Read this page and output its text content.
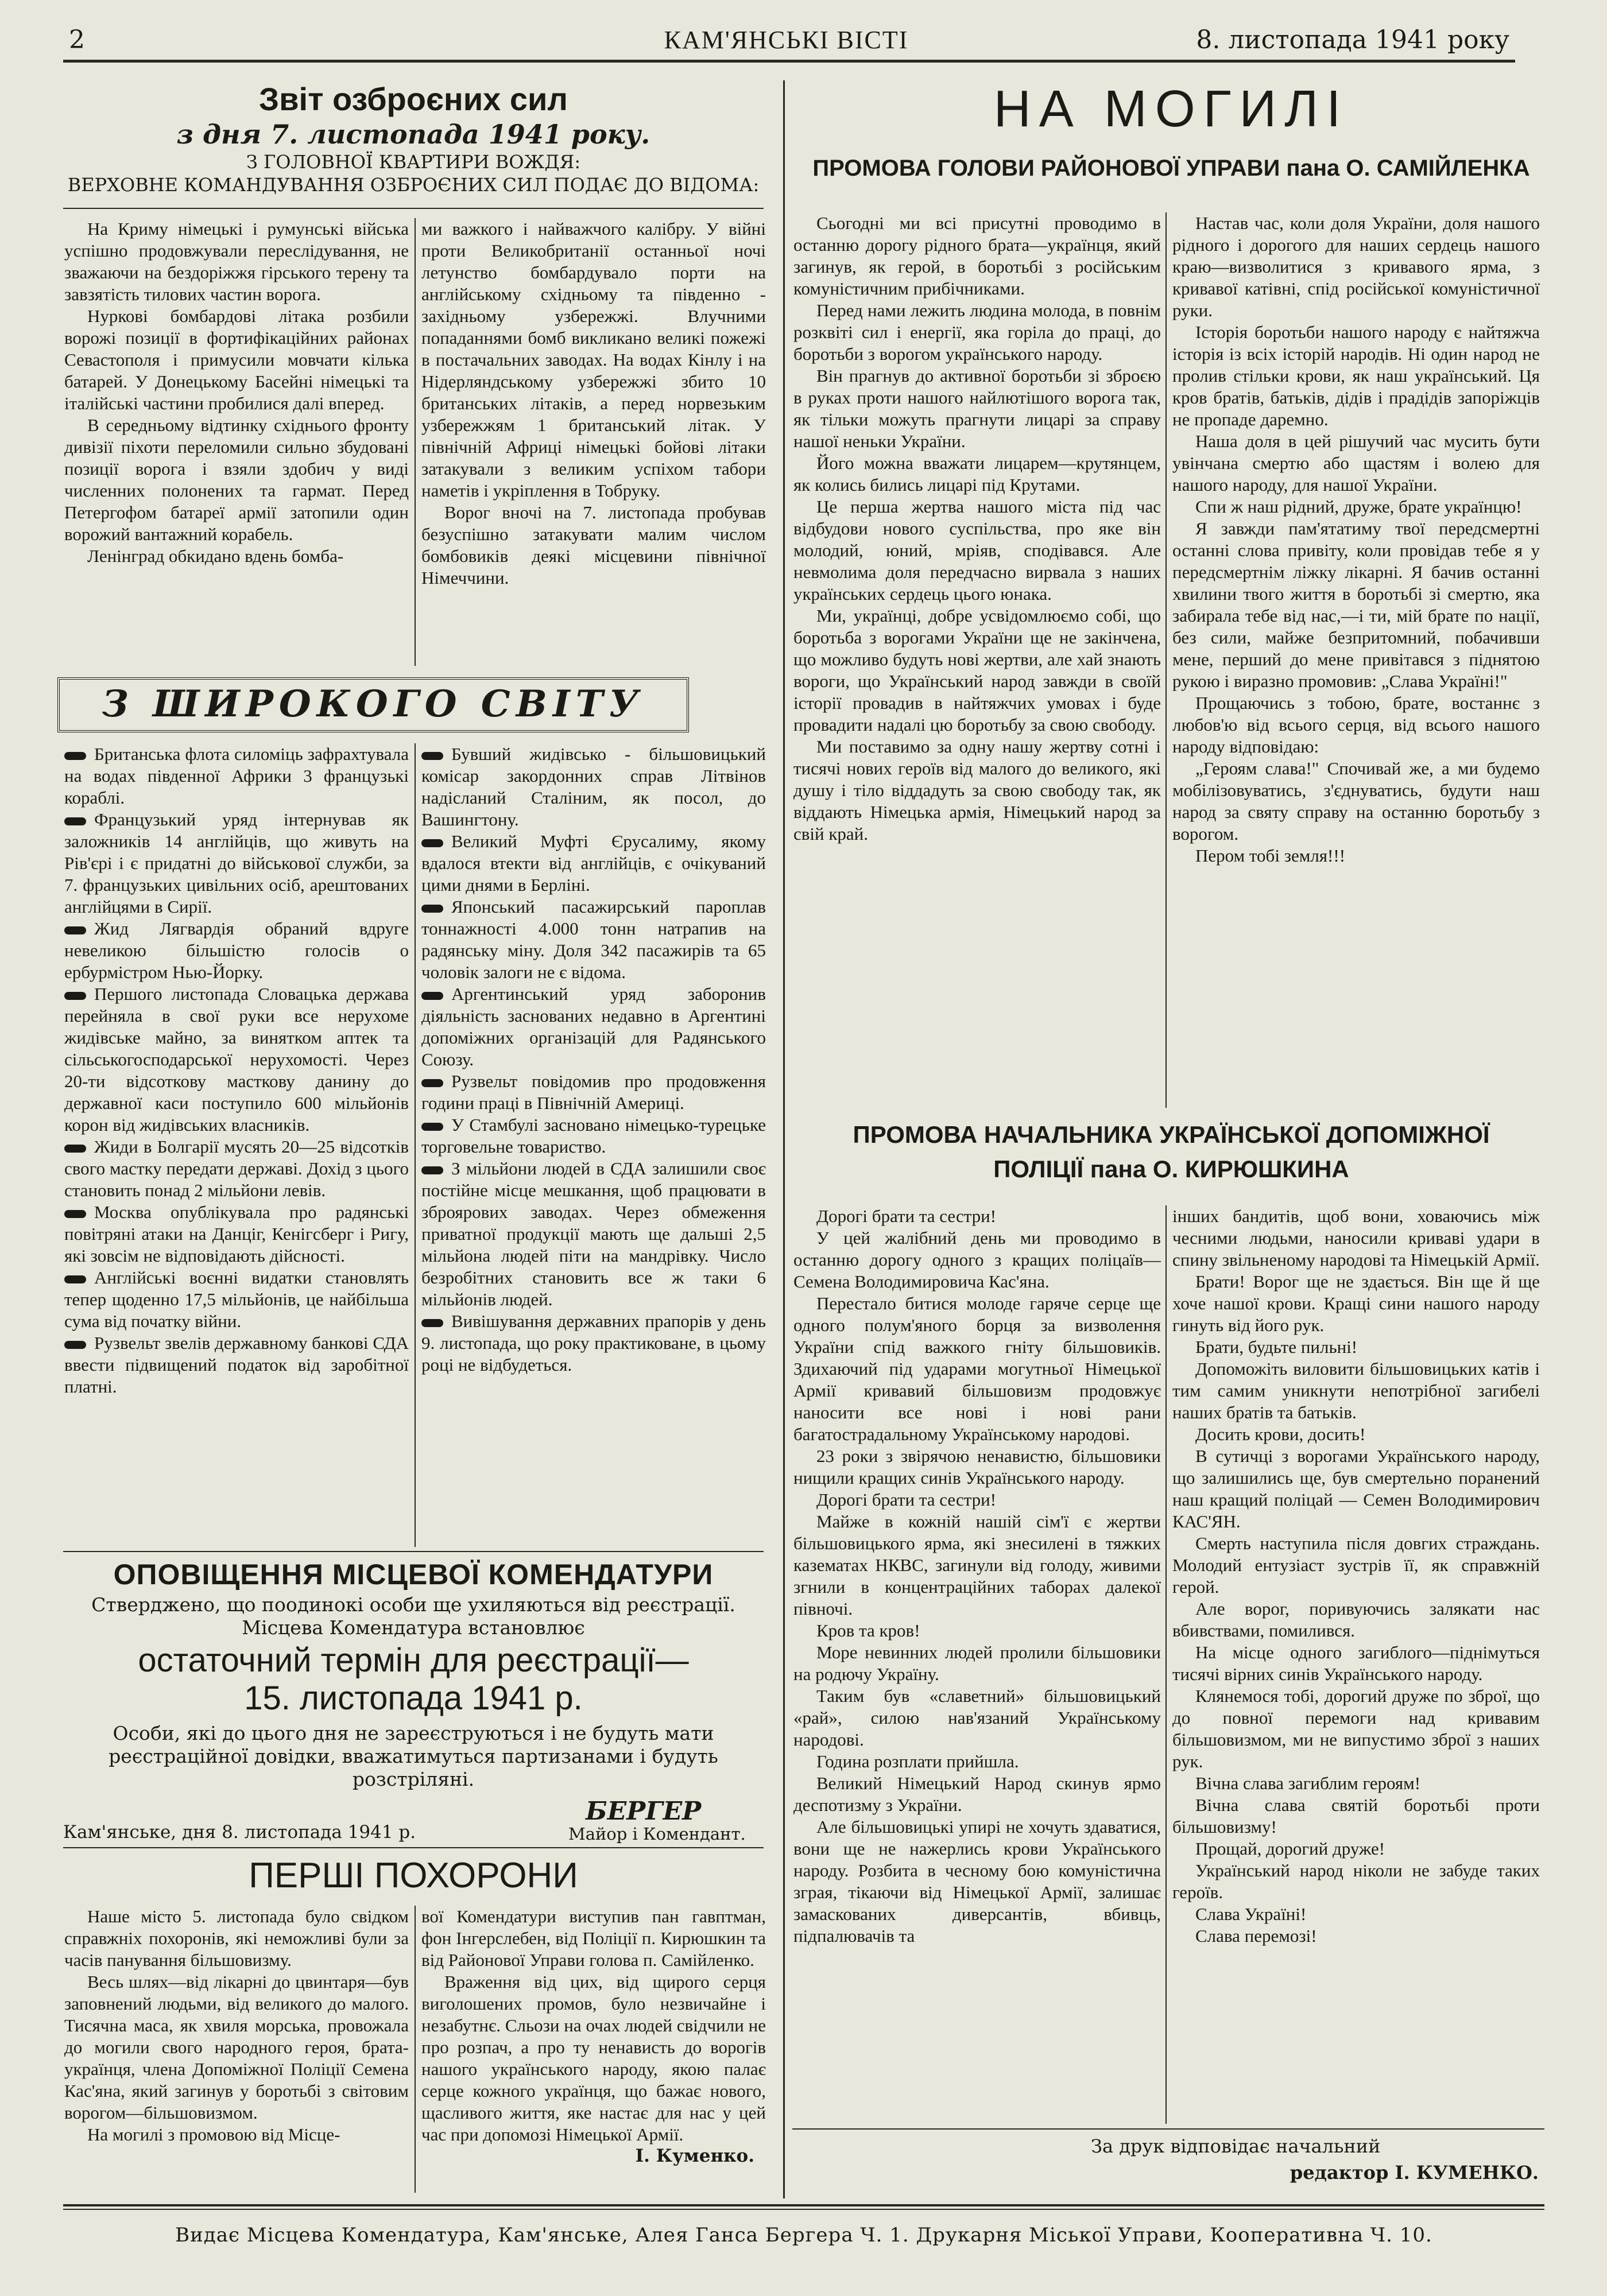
2	КАМ'ЯНСЬКІ ВІСТІ	8. листопада 1941 року
Звіт озброєних сил
з дня 7. листопада 1941 року.
З ГОЛОВНОЇ КВАРТИРИ ВОЖДЯ:
ВЕРХОВНЕ КОМАНДУВАННЯ ОЗБРОЄНИХ СИЛ ПОДАЄ ДО ВІДОМА:

На Криму німецькі і румунські війська успішно продовжували переслідування, не зважаючи на бездоріжжя гірського терену та завзятість тилових частин ворога.

Нуркові бомбардові літака розбили ворожі позиції в фортифікаційних районах Севастополя і примусили мовчати кілька батарей. У Донецькому Басейні німецькі та італійські частини пробилися далі вперед.

В середньому відтинку східнього фронту дивізії піхоти переломили сильно збудовані позиції ворога і взяли здобич у виді численних полонених та гармат. Перед Петергофом батареї армії затопили один ворожий вантажний корабель.

Ленінград обкидано вдень бомба-

ми важкого і найважчого калібру. У війні проти Великобританії останньої ночі летунство бомбардувало порти на англійському східньому та південно - західньому узбережжі. Влучними попаданнями бомб викликано великі пожежі в постачальних заводах. На водах Кінлу і на Нідерляндському узбережжі збито 10 британських літаків, а перед норвезьким узбережжям 1 британський літак. У північній Африці німецькі бойові літаки затакували з великим успіхом табори наметів і укріплення в Тобруку.

Ворог вночі на 7. листопада пробував безуспішно затакувати малим числом бомбовиків деякі місцевини північної Німеччини.

З ШИРОКОГО СВІТУ

Британська флота силоміць зафрахтувала на водах південної Африки 3 французькі кораблі.

Французький уряд інтернував як заложників 14 англійців, що живуть на Рів'єрі і є придатні до військової служби, за 7. французьких цивільних осіб, арештованих англійцями в Сирії.

Жид Лягвардія обраний вдруге невеликою більшістю голосів о ербурмістром Нью-Йорку.

Першого листопада Словацька держава перейняла в свої руки все нерухоме жидівське майно, за винятком аптек та сільськогосподарської нерухомості. Через 20-ти відсоткову масткову данину до державної каси поступило 600 мільйонів корон від жидівських власників.

Жиди в Болгарії мусять 20—25 відсотків свого мастку передати державі. Дохід з цього становить понад 2 мільйони левів.

Москва опублікувала про радянські повітряні атаки на Данціг, Кенігсберг і Ригу, які зовсім не відповідають дійсності.

Англійські воєнні видатки становлять тепер щоденно 17,5 мільйонів, це найбільша сума від початку війни.

Рузвельт звелів державному банкові СДА ввести підвищений податок від заробітної платні.

Бувший жидівсько - більшовицький комісар закордонних справ Літвінов надісланий Сталіним, як посол, до Вашингтону.

Великий Муфті Єрусалиму, якому вдалося втекти від англійців, є очікуваний цими днями в Берліні.

Японський пасажирський пароплав тоннажності 4.000 тонн натрапив на радянську міну. Доля 342 пасажирів та 65 чоловік залоги не є відома.

Аргентинський уряд заборонив діяльність заснованих недавно в Аргентині допоміжних організацій для Радянського Союзу.

Рузвельт повідомив про продовження години праці в Північній Америці.

У Стамбулі засновано німецько-турецьке торговельне товариство.

З мільйони людей в СДА залишили своє постійне місце мешкання, щоб працювати в зброярових заводах. Через обмеження приватної продукції мають ще дальші 2,5 мільйона людей піти на мандрівку. Число безробітних становить все ж таки 6 мільйонів людей.

Вивішування державних прапорів у день 9. листопада, що року практиковане, в цьому році не відбудеться.

ОПОВІЩЕННЯ МІСЦЕВОЇ КОМЕНДАТУРИ
Стверджено, що поодинокі особи ще ухиляються від реєстрації. Місцева Комендатура встановлює
остаточний термін для реєстрації—
15. листопада 1941 р.
Особи, які до цього дня не зареєструються і не будуть мати реєстраційної довідки, вважатимуться партизанами і будуть розстріляні.
Кам'янське, дня 8. листопада 1941 р.
БЕРГЕР
Майор і Комендант.
ПЕРШІ ПОХОРОНИ

Наше місто 5. листопада було свідком справжніх похоронів, які неможливі були за часів панування більшовизму.

Весь шлях—від лікарні до цвинтаря—був заповнений людьми, від великого до малого. Тисячна маса, як хвиля морська, провожала до могили свого народного героя, брата-українця, члена Допоміжної Поліції Семена Кас'яна, який загинув у боротьбі з світовим ворогом—більшовизмом.

На могилі з промовою від Місце-

вої Комендатури виступив пан гавптман, фон Інгерслебен, від Поліції п. Кирюшкин та від Районової Управи голова п. Самійленко.

Враження від цих, від щирого серця виголошених промов, було незвичайне і незабутнє. Сльози на очах людей свідчили не про розпач, а про ту ненависть до ворогів нашого українського народу, якою палає серце кожного українця, що бажає нового, щасливого життя, яке настає для нас у цей час при допомозі Німецької Армії.

І. Куменко.
НА МОГИЛІ
ПРОМОВА ГОЛОВИ РАЙОНОВОЇ УПРАВИ пана О. САМІЙЛЕНКА

Сьогодні ми всі присутні проводимо в останню дорогу рідного брата—українця, який загинув, як герой, в боротьбі з російським комуністичним прибічниками.

Перед нами лежить людина молода, в повнім розквіті сил і енергії, яка горіла до праці, до боротьби з ворогом українського народу.

Він прагнув до активної боротьби зі зброєю в руках проти нашого найлютішого ворога так, як тільки можуть прагнути лицарі за справу нашої неньки України.

Його можна вважати лицарем—крутянцем, як колись бились лицарі під Крутами.

Це перша жертва нашого міста під час відбудови нового суспільства, про яке він молодий, юний, мріяв, сподівався. Але невмолима доля передчасно вирвала з наших українських сердець цього юнака.

Ми, українці, добре усвідомлюємо собі, що боротьба з ворогами України ще не закінчена, що можливо будуть нові жертви, але хай знають вороги, що Український народ завжди в своїй історії провадив в найтяжчих умовах і буде провадити надалі цю боротьбу за свою свободу.

Ми поставимо за одну нашу жертву сотні і тисячі нових героїв від малого до великого, які душу і тіло віддадуть за свою свободу так, як віддають Німецька армія, Німецький народ за свій край.

Настав час, коли доля України, доля нашого рідного і дорогого для наших сердець нашого краю—визволитися з кривавого ярма, з кривавої катівні, спід російської комуністичної руки.

Історія боротьби нашого народу є найтяжча історія із всіх історій народів. Ні один народ не пролив стільки крови, як наш український. Ця кров братів, батьків, дідів і прадідів запоріжців не пропаде даремно.

Наша доля в цей рішучий час мусить бути увінчана смертю або щастям і волею для нашого народу, для нашої України.

Спи ж наш рідний, друже, брате українцю!

Я завжди пам'ятатиму твої передсмертні останні слова привіту, коли провідав тебе я у передсмертнім ліжку лікарні. Я бачив останні хвилини твого життя в боротьбі зі смертю, яка забирала тебе від нас,—і ти, мій брате по нації, без сили, майже безпритомний, побачивши мене, перший до мене привітався з піднятою рукою і виразно промовив: „Слава Україні!"

Прощаючись з тобою, брате, востаннє з любов'ю від всього серця, від всього нашого народу відповідаю:

„Героям слава!" Спочивай же, а ми будемо мобілізовуватись, з'єднуватись, будути наш народ за святу справу на останню боротьбу з ворогом.

Пером тобі земля!!!

ПРОМОВА НАЧАЛЬНИКА УКРАЇНСЬКОЇ ДОПОМІЖНОЇ
ПОЛІЦІЇ пана О. КИРЮШКИНА

Дорогі брати та сестри!

У цей жалібний день ми проводимо в останню дорогу одного з кращих поліцаїв—Семена Володимировича Кас'яна.

Перестало битися молоде гаряче серце ще одного полум'яного борця за визволення України спід важкого гніту більшовиків. Здихаючий під ударами могутньої Німецької Армії кривавий більшовизм продовжує наносити все нові і нові рани багатострадальному Українському народові.

23 роки з звірячою ненавистю, більшовики нищили кращих синів Українського народу.

Дорогі брати та сестри!

Майже в кожній нашій сім'ї є жертви більшовицького ярма, які знесилені в тяжких казематах НКВС, загинули від голоду, живими згнили в концентраційних таборах далекої півночі.

Кров та кров!

Море невинних людей пролили більшовики на родючу Україну.

Таким був «славетний» більшовицький «рай», силою нав'язаний Українському народові.

Година розплати прийшла.

Великий Німецький Народ скинув ярмо деспотизму з України.

Але більшовицькі упирі не хочуть здаватися, вони ще не нажерлись крови Українського народу. Розбита в чесному бою комуністична зграя, тікаючи від Німецької Армії, залишає замаскованих диверсантів, вбивць, підпалювачів та

інших бандитів, щоб вони, ховаючись між чесними людьми, наносили криваві удари в спину звільненому народові та Німецькій Армії.

Брати! Ворог ще не здається. Він ще й ще хоче нашої крови. Кращі сини нашого народу гинуть від його рук.

Брати, будьте пильні!

Допоможіть виловити більшовицьких катів і тим самим уникнути непотрібної загибелі наших братів та батьків.

Досить крови, досить!

В сутичці з ворогами Українського народу, що залишились ще, був смертельно поранений наш кращий поліцай — Семен Володимирович КАС'ЯН.

Смерть наступила після довгих страждань. Молодий ентузіаст зустрів її, як справжній герой.

Але ворог, поривуючись залякати нас вбивствами, помилився.

На місце одного загиблого—піднімуться тисячі вірних синів Українського народу.

Клянемося тобі, дорогий друже по зброї, що до повної перемоги над кривавим більшовизмом, ми не випустимо зброї з наших рук.

Вічна слава загиблим героям!

Вічна слава святій боротьбі проти більшовизму!

Прощай, дорогий друже!

Український народ ніколи не забуде таких героїв.

Слава Україні!

Слава перемозі!

За друк відповідає начальний
редактор І. КУМЕНКО.
Видає Місцева Комендатура, Кам'янське, Алея Ганса Бергера Ч. 1. Друкарня Міської Управи, Кооперативна Ч. 10.
